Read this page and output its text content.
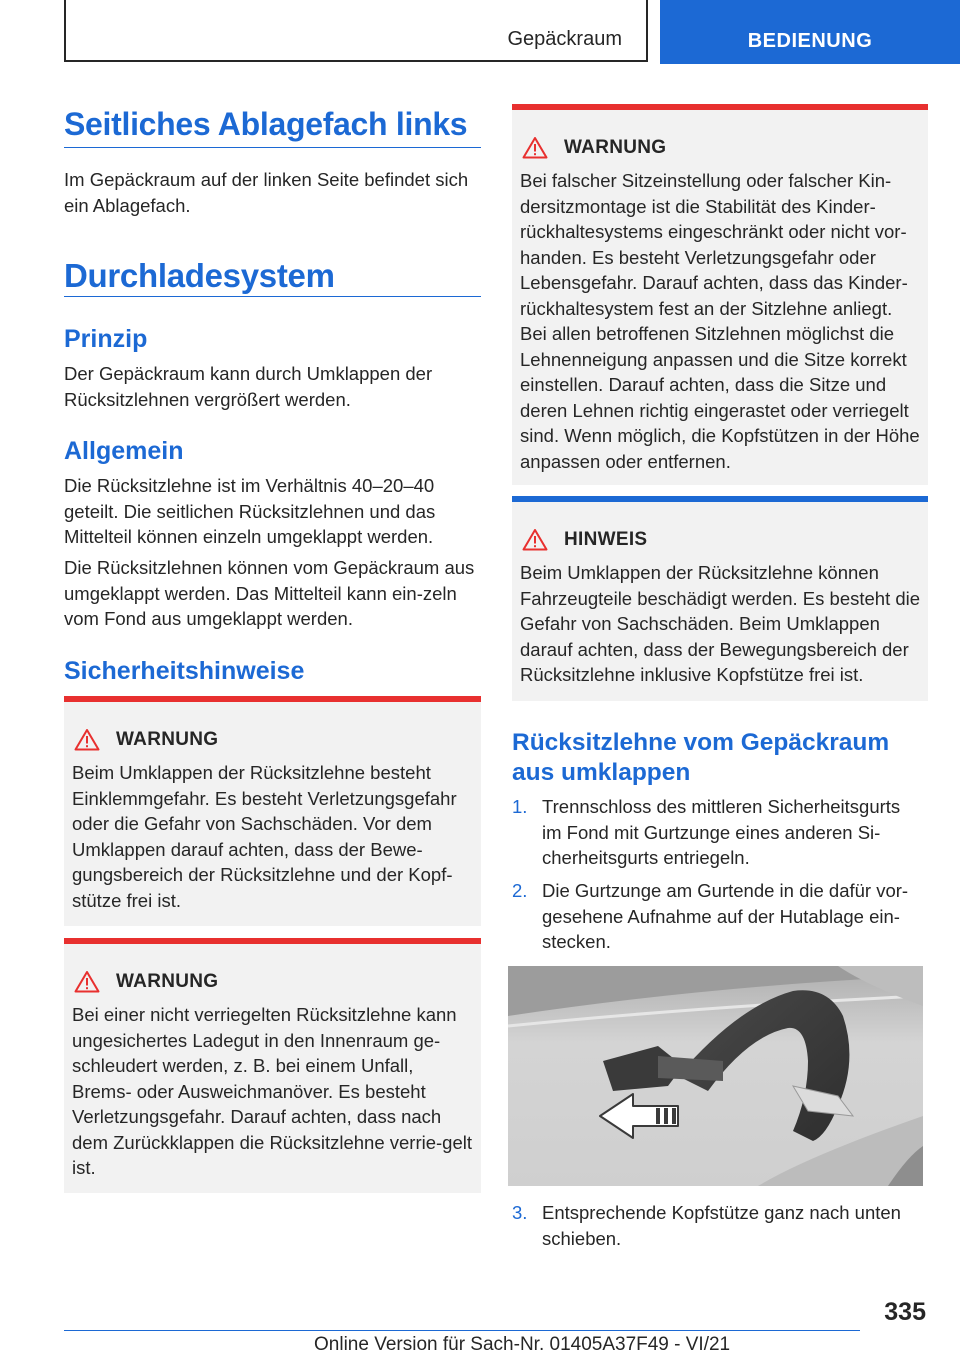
Gepäckraum	BEDIENUNG
Seitliches Ablagefach links

Im Gepäckraum auf der linken Seite befindet sich ein Ablagefach.

Durchladesystem
Prinzip

Der Gepäckraum kann durch Umklappen der Rücksitzlehnen vergrößert werden.

Allgemein

Die Rücksitzlehne ist im Verhältnis 40–20–40 geteilt. Die seitlichen Rücksitzlehnen und das Mittelteil können einzeln umgeklappt werden.

Die Rücksitzlehnen können vom Gepäckraum aus umgeklappt werden. Das Mittelteil kann ein-zeln vom Fond aus umgeklappt werden.

Sicherheitshinweise
WARNUNG

Beim Umklappen der Rücksitzlehne besteht Einklemmgefahr. Es besteht Verletzungsgefahr oder die Gefahr von Sachschäden. Vor dem Umklappen darauf achten, dass der Bewe-gungsbereich der Rücksitzlehne und der Kopf-stütze frei ist.

WARNUNG

Bei einer nicht verriegelten Rücksitzlehne kann ungesichertes Ladegut in den Innenraum ge-schleudert werden, z. B. bei einem Unfall, Brems- oder Ausweichmanöver. Es besteht Verletzungsgefahr. Darauf achten, dass nach dem Zurückklappen die Rücksitzlehne verrie-gelt ist.

WARNUNG

Bei falscher Sitzeinstellung oder falscher Kin-dersitzmontage ist die Stabilität des Kinder-rückhaltesystems eingeschränkt oder nicht vor-handen. Es besteht Verletzungsgefahr oder Lebensgefahr. Darauf achten, dass das Kinder-rückhaltesystem fest an der Sitzlehne anliegt. Bei allen betroffenen Sitzlehnen möglichst die Lehnenneigung anpassen und die Sitze korrekt einstellen. Darauf achten, dass die Sitze und deren Lehnen richtig eingerastet oder verriegelt sind. Wenn möglich, die Kopfstützen in der Höhe anpassen oder entfernen.

HINWEIS

Beim Umklappen der Rücksitzlehne können Fahrzeugteile beschädigt werden. Es besteht die Gefahr von Sachschäden. Beim Umklappen darauf achten, dass der Bewegungsbereich der Rücksitzlehne inklusive Kopfstütze frei ist.

Rücksitzlehne vom Gepäckraum aus umklappen
1. Trennschloss des mittleren Sicherheitsgurts im Fond mit Gurtzunge eines anderen Si-cherheitsgurts entriegeln.
2. Die Gurtzunge am Gurtende in die dafür vor-gesehene Aufnahme auf der Hutablage ein-stecken.
3. Entsprechende Kopfstütze ganz nach unten schieben.
335
Online Version für Sach-Nr. 01405A37F49 - VI/21
